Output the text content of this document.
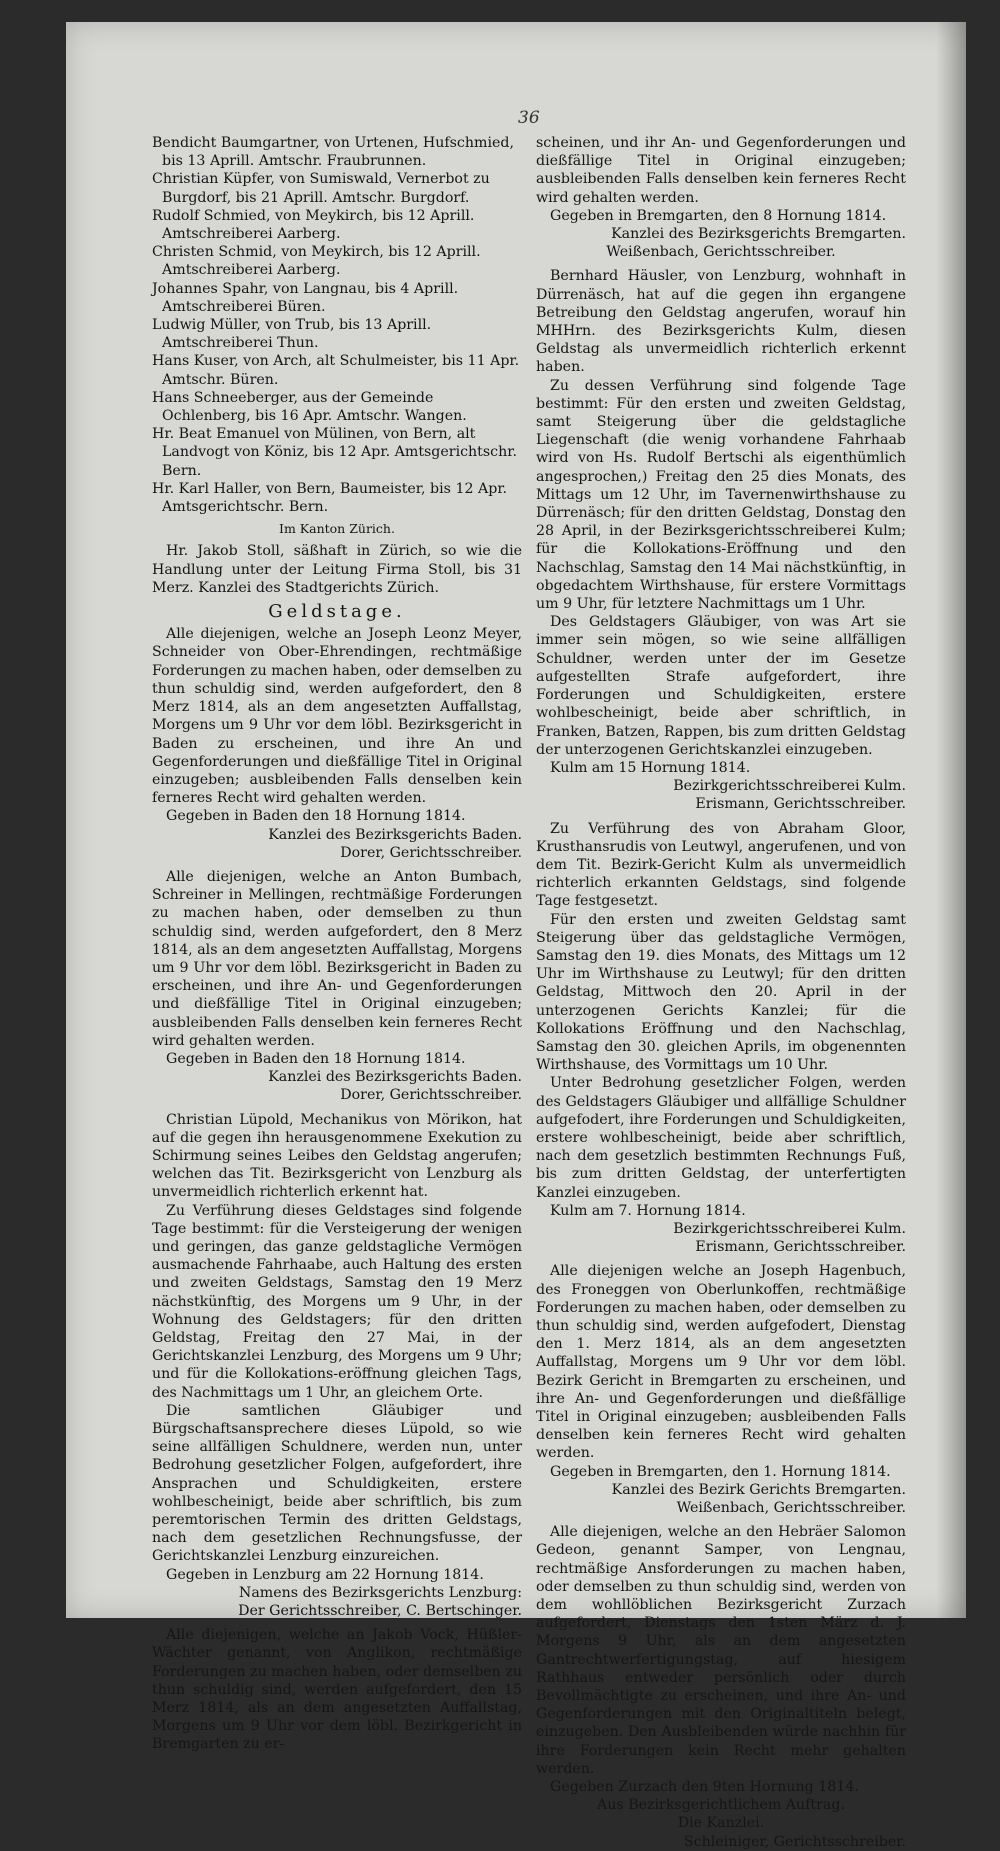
36

Bendicht Baumgartner, von Urtenen, Hufschmied, bis 13 Aprill. Amtschr. Fraubrunnen.

Christian Küpfer, von Sumiswald, Vernerbot zu Burgdorf, bis 21 Aprill. Amtschr. Burgdorf.

Rudolf Schmied, von Meykirch, bis 12 Aprill. Amtschreiberei Aarberg.

Christen Schmid, von Meykirch, bis 12 Aprill. Amtschreiberei Aarberg.

Johannes Spahr, von Langnau, bis 4 Aprill. Amtschreiberei Büren.

Ludwig Müller, von Trub, bis 13 Aprill. Amtschreiberei Thun.

Hans Kuser, von Arch, alt Schulmeister, bis 11 Apr. Amtschr. Büren.

Hans Schneeberger, aus der Gemeinde Ochlenberg, bis 16 Apr. Amtschr. Wangen.

Hr. Beat Emanuel von Mülinen, von Bern, alt Landvogt von Köniz, bis 12 Apr. Amtsgerichtschr. Bern.

Hr. Karl Haller, von Bern, Baumeister, bis 12 Apr. Amtsgerichtschr. Bern.

Im Kanton Zürich.

Hr. Jakob Stoll, säßhaft in Zürich, so wie die Handlung unter der Leitung Firma Stoll, bis 31 Merz. Kanzlei des Stadtgerichts Zürich.

Geldstage.

Alle diejenigen, welche an Joseph Leonz Meyer, Schneider von Ober-Ehrendingen, rechtmäßige Forderungen zu machen haben, oder demselben zu thun schuldig sind, werden aufgefordert, den 8 Merz 1814, als an dem angesetzten Auffallstag, Morgens um 9 Uhr vor dem löbl. Bezirksgericht in Baden zu erscheinen, und ihre An und Gegenforderungen und dießfällige Titel in Original einzugeben; ausbleibenden Falls denselben kein ferneres Recht wird gehalten werden.

Gegeben in Baden den 18 Hornung 1814.

Kanzlei des Bezirksgerichts Baden.

Dorer, Gerichtsschreiber.

Alle diejenigen, welche an Anton Bumbach, Schreiner in Mellingen, rechtmäßige Forderungen zu machen haben, oder demselben zu thun schuldig sind, werden aufgefordert, den 8 Merz 1814, als an dem angesetzten Auffallstag, Morgens um 9 Uhr vor dem löbl. Bezirksgericht in Baden zu erscheinen, und ihre An- und Gegenforderungen und dießfällige Titel in Original einzugeben; ausbleibenden Falls denselben kein ferneres Recht wird gehalten werden.

Gegeben in Baden den 18 Hornung 1814.

Kanzlei des Bezirksgerichts Baden.

Dorer, Gerichtsschreiber.

Christian Lüpold, Mechanikus von Mörikon, hat auf die gegen ihn herausgenommene Exekution zu Schirmung seines Leibes den Geldstag angerufen; welchen das Tit. Bezirksgericht von Lenzburg als unvermeidlich richterlich erkennt hat.

Zu Verführung dieses Geldstages sind folgende Tage bestimmt: für die Versteigerung der wenigen und geringen, das ganze geldstagliche Vermögen ausmachende Fahrhaabe, auch Haltung des ersten und zweiten Geldstags, Samstag den 19 Merz nächstkünftig, des Morgens um 9 Uhr, in der Wohnung des Geldstagers; für den dritten Geldstag, Freitag den 27 Mai, in der Gerichtskanzlei Lenzburg, des Morgens um 9 Uhr; und für die Kollokations-eröffnung gleichen Tags, des Nachmittags um 1 Uhr, an gleichem Orte.

Die samtlichen Gläubiger und Bürgschaftsansprechere dieses Lüpold, so wie seine allfälligen Schuldnere, werden nun, unter Bedrohung gesetzlicher Folgen, aufgefordert, ihre Ansprachen und Schuldigkeiten, erstere wohlbescheinigt, beide aber schriftlich, bis zum peremtorischen Termin des dritten Geldstags, nach dem gesetzlichen Rechnungsfusse, der Gerichtskanzlei Lenzburg einzureichen.

Gegeben in Lenzburg am 22 Hornung 1814.

Namens des Bezirksgerichts Lenzburg:

Der Gerichtsschreiber, C. Bertschinger.

Alle diejenigen, welche an Jakob Vock, Hüßler-Wächter genannt, von Anglikon, rechtmäßige Forderungen zu machen haben, oder demselben zu thun schuldig sind, werden aufgefordert, den 15 Merz 1814, als an dem angesetzten Auffallstag, Morgens um 9 Uhr vor dem löbl. Bezirkgericht in Bremgarten zu er-

scheinen, und ihr An- und Gegenforderungen und dießfällige Titel in Original einzugeben; ausbleibenden Falls denselben kein ferneres Recht wird gehalten werden.

Gegeben in Bremgarten, den 8 Hornung 1814.

Kanzlei des Bezirksgerichts Bremgarten.

Weißenbach, Gerichtsschreiber.

Bernhard Häusler, von Lenzburg, wohnhaft in Dürrenäsch, hat auf die gegen ihn ergangene Betreibung den Geldstag angerufen, worauf hin MHHrn. des Bezirksgerichts Kulm, diesen Geldstag als unvermeidlich richterlich erkennt haben.

Zu dessen Verführung sind folgende Tage bestimmt: Für den ersten und zweiten Geldstag, samt Steigerung über die geldstagliche Liegenschaft (die wenig vorhandene Fahrhaab wird von Hs. Rudolf Bertschi als eigenthümlich angesprochen,) Freitag den 25 dies Monats, des Mittags um 12 Uhr, im Tavernenwirthshause zu Dürrenäsch; für den dritten Geldstag, Donstag den 28 April, in der Bezirksgerichtsschreiberei Kulm; für die Kollokations-Eröffnung und den Nachschlag, Samstag den 14 Mai nächstkünftig, in obgedachtem Wirthshause, für erstere Vormittags um 9 Uhr, für letztere Nachmittags um 1 Uhr.

Des Geldstagers Gläubiger, von was Art sie immer sein mögen, so wie seine allfälligen Schuldner, werden unter der im Gesetze aufgestellten Strafe aufgefordert, ihre Forderungen und Schuldigkeiten, erstere wohlbescheinigt, beide aber schriftlich, in Franken, Batzen, Rappen, bis zum dritten Geldstag der unterzogenen Gerichtskanzlei einzugeben.

Kulm am 15 Hornung 1814.

Bezirkgerichtsschreiberei Kulm.

Erismann, Gerichtsschreiber.

Zu Verführung des von Abraham Gloor, Krusthansrudis von Leutwyl, angerufenen, und von dem Tit. Bezirk-Gericht Kulm als unvermeidlich richterlich erkannten Geldstags, sind folgende Tage festgesetzt.

Für den ersten und zweiten Geldstag samt Steigerung über das geldstagliche Vermögen, Samstag den 19. dies Monats, des Mittags um 12 Uhr im Wirthshause zu Leutwyl; für den dritten Geldstag, Mittwoch den 20. April in der unterzogenen Gerichts Kanzlei; für die Kollokations Eröffnung und den Nachschlag, Samstag den 30. gleichen Aprils, im obgenennten Wirthshause, des Vormittags um 10 Uhr.

Unter Bedrohung gesetzlicher Folgen, werden des Geldstagers Gläubiger und allfällige Schuldner aufgefodert, ihre Forderungen und Schuldigkeiten, erstere wohlbescheinigt, beide aber schriftlich, nach dem gesetzlich bestimmten Rechnungs Fuß, bis zum dritten Geldstag, der unterfertigten Kanzlei einzugeben.

Kulm am 7. Hornung 1814.

Bezirkgerichtsschreiberei Kulm.

Erismann, Gerichtsschreiber.

Alle diejenigen welche an Joseph Hagenbuch, des Froneggen von Oberlunkoffen, rechtmäßige Forderungen zu machen haben, oder demselben zu thun schuldig sind, werden aufgefodert, Dienstag den 1. Merz 1814, als an dem angesetzten Auffallstag, Morgens um 9 Uhr vor dem löbl. Bezirk Gericht in Bremgarten zu erscheinen, und ihre An- und Gegenforderungen und dießfällige Titel in Original einzugeben; ausbleibenden Falls denselben kein ferneres Recht wird gehalten werden.

Gegeben in Bremgarten, den 1. Hornung 1814.

Kanzlei des Bezirk Gerichts Bremgarten.

Weißenbach, Gerichtsschreiber.

Alle diejenigen, welche an den Hebräer Salomon Gedeon, genannt Samper, von Lengnau, rechtmäßige Ansforderungen zu machen haben, oder demselben zu thun schuldig sind, werden von dem wohllöblichen Bezirksgericht Zurzach aufgefordert, Dienstags den 1sten März d. J. Morgens 9 Uhr, als an dem angesetzten Gantrechtwerfertigungstag, auf hiesigem Rathhaus entweder persönlich oder durch Bevollmächtigte zu erscheinen, und ihre An- und Gegenforderungen mit den Originaltiteln belegt, einzugeben. Den Ausbleibenden würde nachhin für ihre Forderungen kein Recht mehr gehalten werden.

Gegeben Zurzach den 9ten Hornung 1814.

Aus Bezirksgerichtlichem Auftrag.

Die Kanzlei.

Schleiniger, Gerichtsschreiber.
